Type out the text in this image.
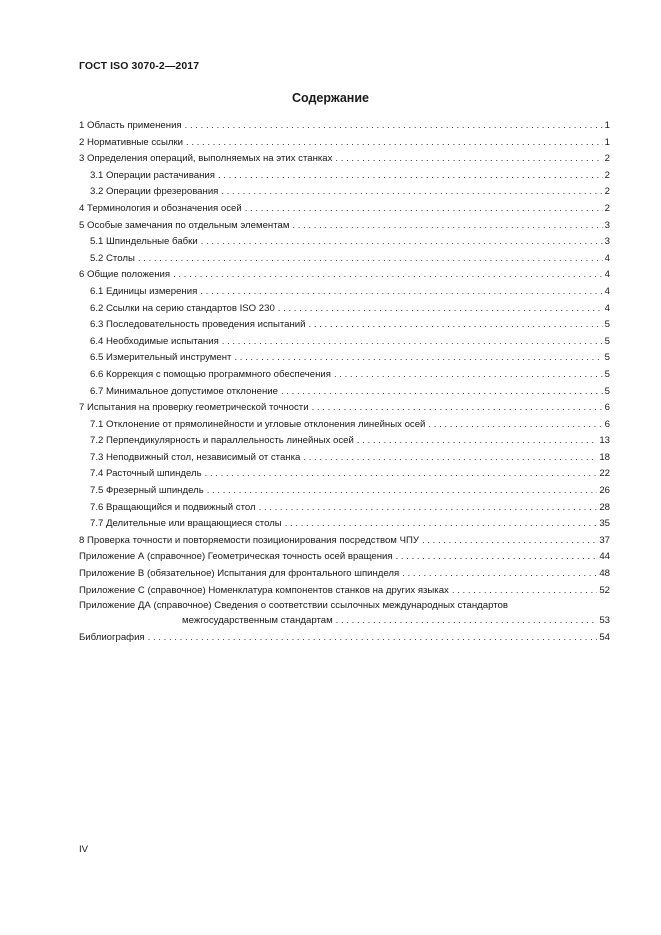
ГОСТ ISO 3070-2—2017
Содержание
1 Область применения . . .	1
2 Нормативные ссылки . . .	1
3 Определения операций, выполняемых на этих станках . . .	2
3.1 Операции растачивания . . .	2
3.2 Операции фрезерования . . .	2
4 Терминология и обозначения осей . . .	2
5 Особые замечания по отдельным элементам . . .	3
5.1 Шпиндельные бабки . . .	3
5.2 Столы . . .	4
6 Общие положения . . .	4
6.1 Единицы измерения . . .	4
6.2 Ссылки на серию стандартов ISO 230 . . .	4
6.3 Последовательность проведения испытаний . . .	5
6.4 Необходимые испытания . . .	5
6.5 Измерительный инструмент . . .	5
6.6 Коррекция с помощью программного обеспечения . . .	5
6.7 Минимальное допустимое отклонение . . .	5
7 Испытания на проверку геометрической точности . . .	6
7.1 Отклонение от прямолинейности и угловые отклонения линейных осей . . .	6
7.2 Перпендикулярность и параллельность линейных осей . . .	13
7.3 Неподвижный стол, независимый от станка . . .	18
7.4 Расточный шпиндель . . .	22
7.5 Фрезерный шпиндель . . .	26
7.6 Вращающийся и подвижный стол . . .	28
7.7 Делительные или вращающиеся столы . . .	35
8 Проверка точности и повторяемости позиционирования посредством ЧПУ . . .	37
Приложение А (справочное) Геометрическая точность осей вращения . . .	44
Приложение В (обязательное) Испытания для фронтального шпинделя . . .	48
Приложение С (справочное) Номенклатура компонентов станков на других языках . . .	52
Приложение ДА (справочное) Сведения о соответствии ссылочных международных стандартов
межгосударственным стандартам . . .	53
Библиография . . .	54
IV
